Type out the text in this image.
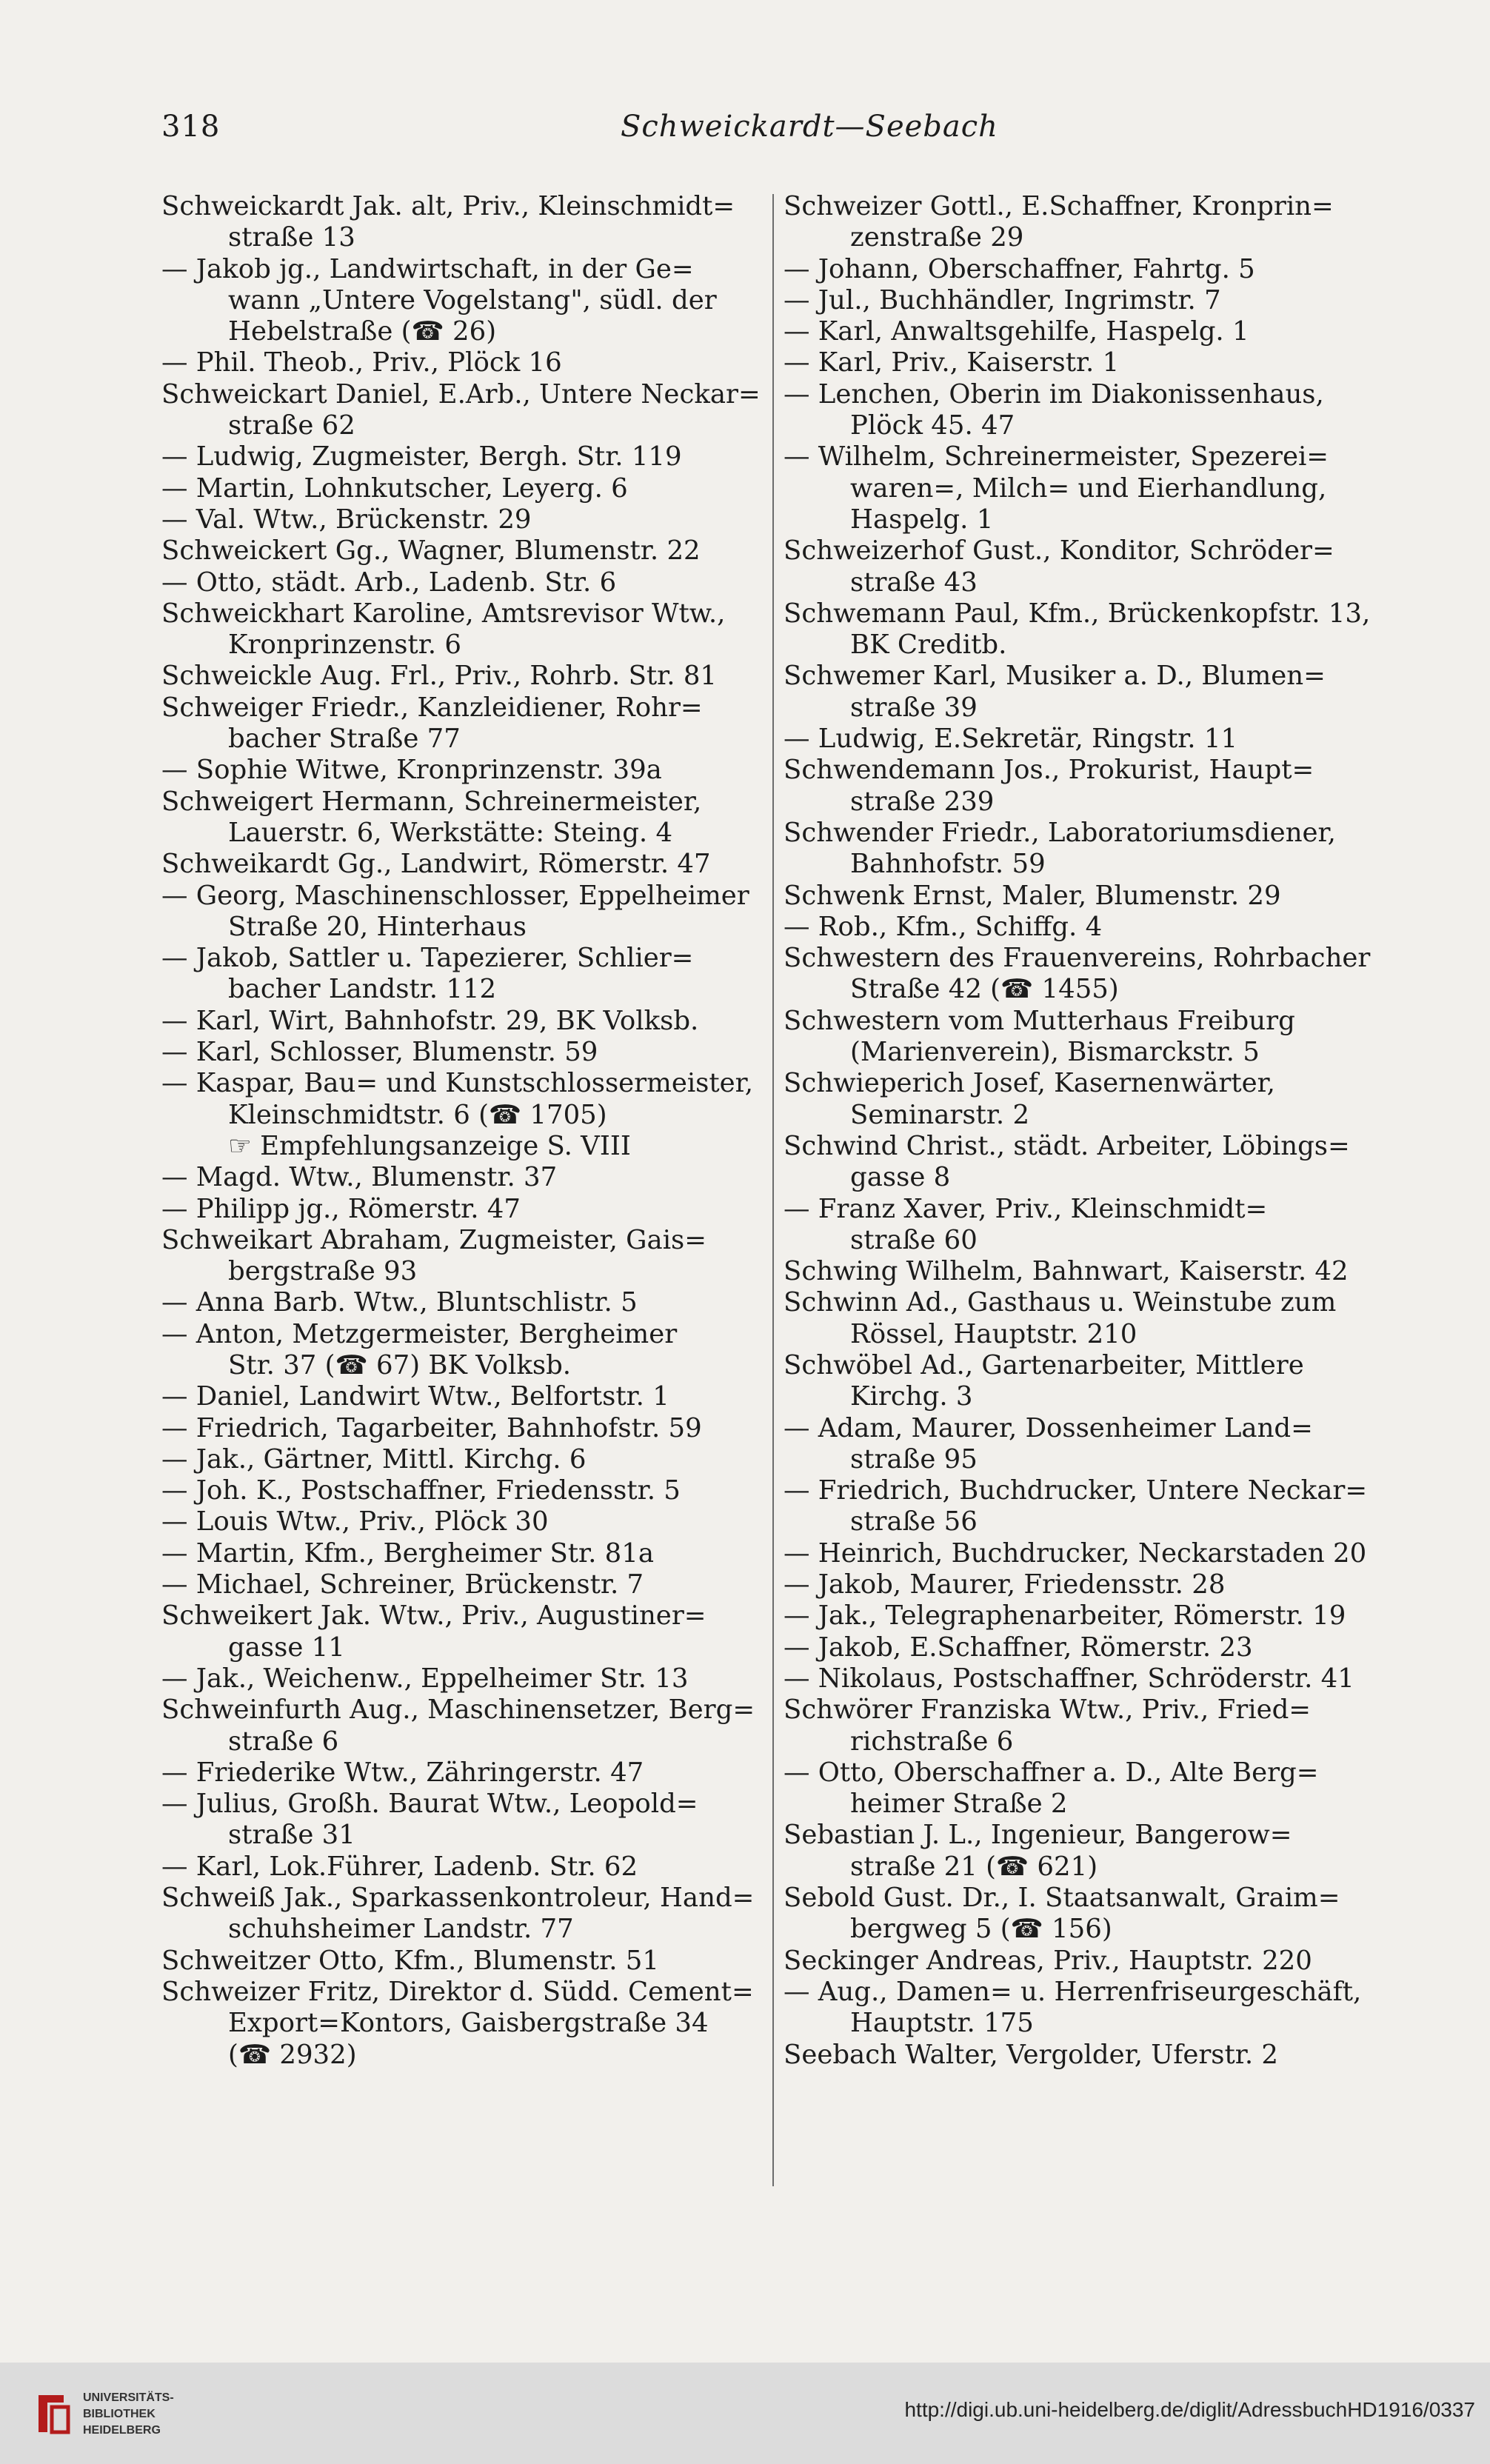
318	Schweickardt—Seebach
Schweickardt Jak. alt, Priv., Kleinschmidt=
straße 13
— Jakob jg., Landwirtschaft, in der Ge=
wann „Untere Vogelstang", südl. der
Hebelstraße (☎ 26)
— Phil. Theob., Priv., Plöck 16
Schweickart Daniel, E.Arb., Untere Neckar=
straße 62
— Ludwig, Zugmeister, Bergh. Str. 119
— Martin, Lohnkutscher, Leyerg. 6
— Val. Wtw., Brückenstr. 29
Schweickert Gg., Wagner, Blumenstr. 22
— Otto, städt. Arb., Ladenb. Str. 6
Schweickhart Karoline, Amtsrevisor Wtw.,
Kronprinzenstr. 6
Schweickle Aug. Frl., Priv., Rohrb. Str. 81
Schweiger Friedr., Kanzleidiener, Rohr=
bacher Straße 77
— Sophie Witwe, Kronprinzenstr. 39a
Schweigert Hermann, Schreinermeister,
Lauerstr. 6, Werkstätte: Steing. 4
Schweikardt Gg., Landwirt, Römerstr. 47
— Georg, Maschinenschlosser, Eppelheimer
Straße 20, Hinterhaus
— Jakob, Sattler u. Tapezierer, Schlier=
bacher Landstr. 112
— Karl, Wirt, Bahnhofstr. 29, BK Volksb.
— Karl, Schlosser, Blumenstr. 59
— Kaspar, Bau= und Kunstschlossermeister,
Kleinschmidtstr. 6 (☎ 1705)
☞ Empfehlungsanzeige S. VIII
— Magd. Wtw., Blumenstr. 37
— Philipp jg., Römerstr. 47
Schweikart Abraham, Zugmeister, Gais=
bergstraße 93
— Anna Barb. Wtw., Bluntschlistr. 5
— Anton, Metzgermeister, Bergheimer
Str. 37 (☎ 67) BK Volksb.
— Daniel, Landwirt Wtw., Belfortstr. 1
— Friedrich, Tagarbeiter, Bahnhofstr. 59
— Jak., Gärtner, Mittl. Kirchg. 6
— Joh. K., Postschaffner, Friedensstr. 5
— Louis Wtw., Priv., Plöck 30
— Martin, Kfm., Bergheimer Str. 81a
— Michael, Schreiner, Brückenstr. 7
Schweikert Jak. Wtw., Priv., Augustiner=
gasse 11
— Jak., Weichenw., Eppelheimer Str. 13
Schweinfurth Aug., Maschinensetzer, Berg=
straße 6
— Friederike Wtw., Zähringerstr. 47
— Julius, Großh. Baurat Wtw., Leopold=
straße 31
— Karl, Lok.Führer, Ladenb. Str. 62
Schweiß Jak., Sparkassenkontroleur, Hand=
schuhsheimer Landstr. 77
Schweitzer Otto, Kfm., Blumenstr. 51
Schweizer Fritz, Direktor d. Südd. Cement=
Export=Kontors, Gaisbergstraße 34
(☎ 2932)
Schweizer Gottl., E.Schaffner, Kronprin=
zenstraße 29
— Johann, Oberschaffner, Fahrtg. 5
— Jul., Buchhändler, Ingrimstr. 7
— Karl, Anwaltsgehilfe, Haspelg. 1
— Karl, Priv., Kaiserstr. 1
— Lenchen, Oberin im Diakonissenhaus,
Plöck 45. 47
— Wilhelm, Schreinermeister, Spezerei=
waren=, Milch= und Eierhandlung,
Haspelg. 1
Schweizerhof Gust., Konditor, Schröder=
straße 43
Schwemann Paul, Kfm., Brückenkopfstr. 13,
BK Creditb.
Schwemer Karl, Musiker a. D., Blumen=
straße 39
— Ludwig, E.Sekretär, Ringstr. 11
Schwendemann Jos., Prokurist, Haupt=
straße 239
Schwender Friedr., Laboratoriumsdiener,
Bahnhofstr. 59
Schwenk Ernst, Maler, Blumenstr. 29
— Rob., Kfm., Schiffg. 4
Schwestern des Frauenvereins, Rohrbacher
Straße 42 (☎ 1455)
Schwestern vom Mutterhaus Freiburg
(Marienverein), Bismarckstr. 5
Schwieperich Josef, Kasernenwärter,
Seminarstr. 2
Schwind Christ., städt. Arbeiter, Löbings=
gasse 8
— Franz Xaver, Priv., Kleinschmidt=
straße 60
Schwing Wilhelm, Bahnwart, Kaiserstr. 42
Schwinn Ad., Gasthaus u. Weinstube zum
Rössel, Hauptstr. 210
Schwöbel Ad., Gartenarbeiter, Mittlere
Kirchg. 3
— Adam, Maurer, Dossenheimer Land=
straße 95
— Friedrich, Buchdrucker, Untere Neckar=
straße 56
— Heinrich, Buchdrucker, Neckarstaden 20
— Jakob, Maurer, Friedensstr. 28
— Jak., Telegraphenarbeiter, Römerstr. 19
— Jakob, E.Schaffner, Römerstr. 23
— Nikolaus, Postschaffner, Schröderstr. 41
Schwörer Franziska Wtw., Priv., Fried=
richstraße 6
— Otto, Oberschaffner a. D., Alte Berg=
heimer Straße 2
Sebastian J. L., Ingenieur, Bangerow=
straße 21 (☎ 621)
Sebold Gust. Dr., I. Staatsanwalt, Graim=
bergweg 5 (☎ 156)
Seckinger Andreas, Priv., Hauptstr. 220
— Aug., Damen= u. Herrenfriseurgeschäft,
Hauptstr. 175
Seebach Walter, Vergolder, Uferstr. 2
UNIVERSITÄTS-
BIBLIOTHEK
HEIDELBERG
http://digi.ub.uni-heidelberg.de/diglit/AdressbuchHD1916/0337
